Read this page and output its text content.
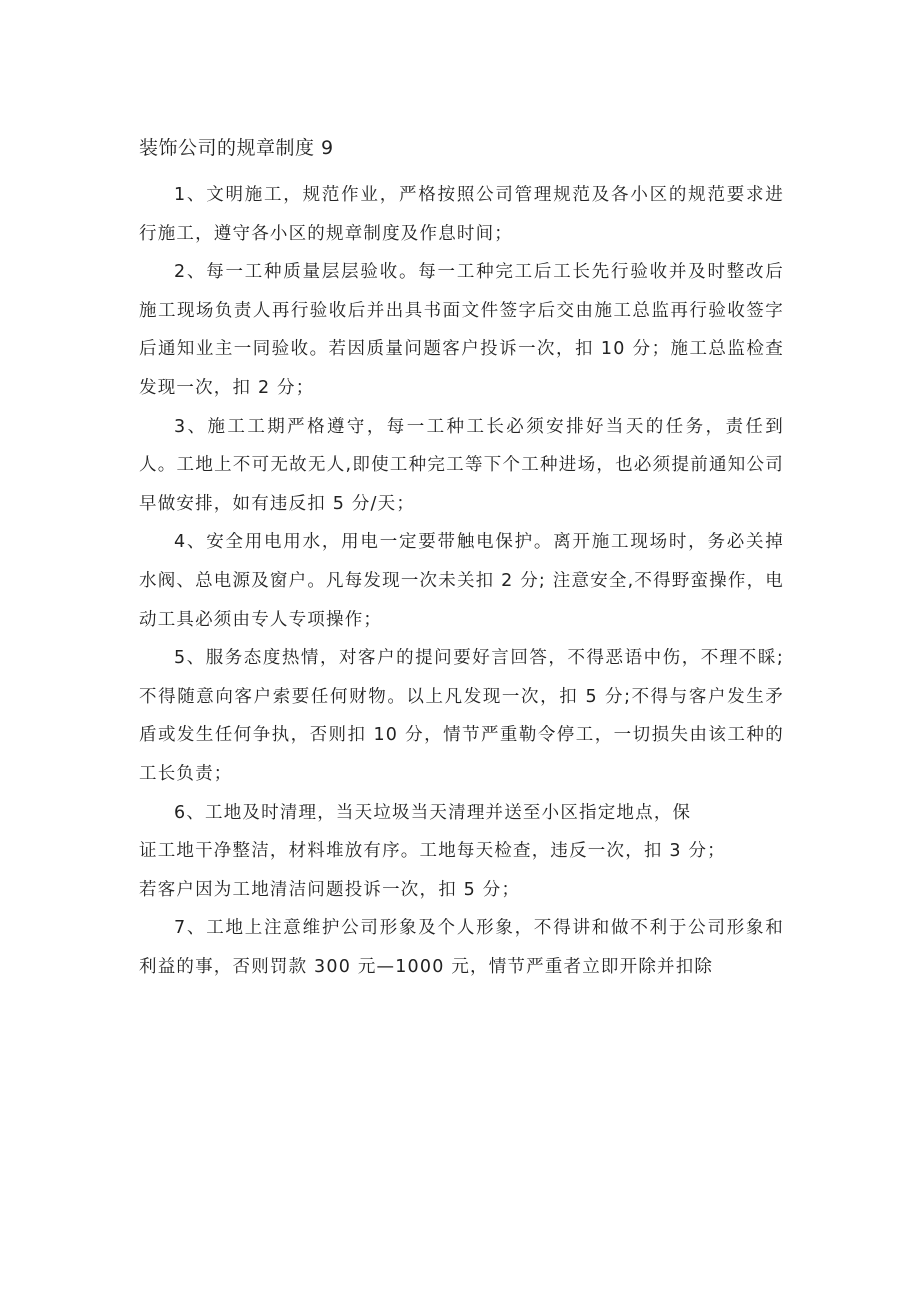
装饰公司的规章制度 9

1、文明施工，规范作业，严格按照公司管理规范及各小区的规范要求进行施工，遵守各小区的规章制度及作息时间；

2、每一工种质量层层验收。每一工种完工后工长先行验收并及时整改后施工现场负责人再行验收后并出具书面文件签字后交由施工总监再行验收签字后通知业主一同验收。若因质量问题客户投诉一次，扣 10 分；施工总监检查发现一次，扣 2 分；

3、施工工期严格遵守，每一工种工长必须安排好当天的任务，责任到人。工地上不可无故无人,即使工种完工等下个工种进场，也必须提前通知公司早做安排，如有违反扣 5 分/天；

4、安全用电用水，用电一定要带触电保护。离开施工现场时，务必关掉水阀、总电源及窗户。凡每发现一次未关扣 2 分; 注意安全,不得野蛮操作，电动工具必须由专人专项操作；

5、服务态度热情，对客户的提问要好言回答，不得恶语中伤，不理不睬; 不得随意向客户索要任何财物。以上凡发现一次，扣 5 分;不得与客户发生矛盾或发生任何争执，否则扣 10 分，情节严重勒令停工，一切损失由该工种的工长负责；

6、工地及时清理，当天垃圾当天清理并送至小区指定地点，保

证工地干净整洁，材料堆放有序。工地每天检查，违反一次，扣 3 分；

若客户因为工地清洁问题投诉一次，扣 5 分；

7、工地上注意维护公司形象及个人形象，不得讲和做不利于公司形象和利益的事，否则罚款 300 元—1000 元，情节严重者立即开除并扣除
